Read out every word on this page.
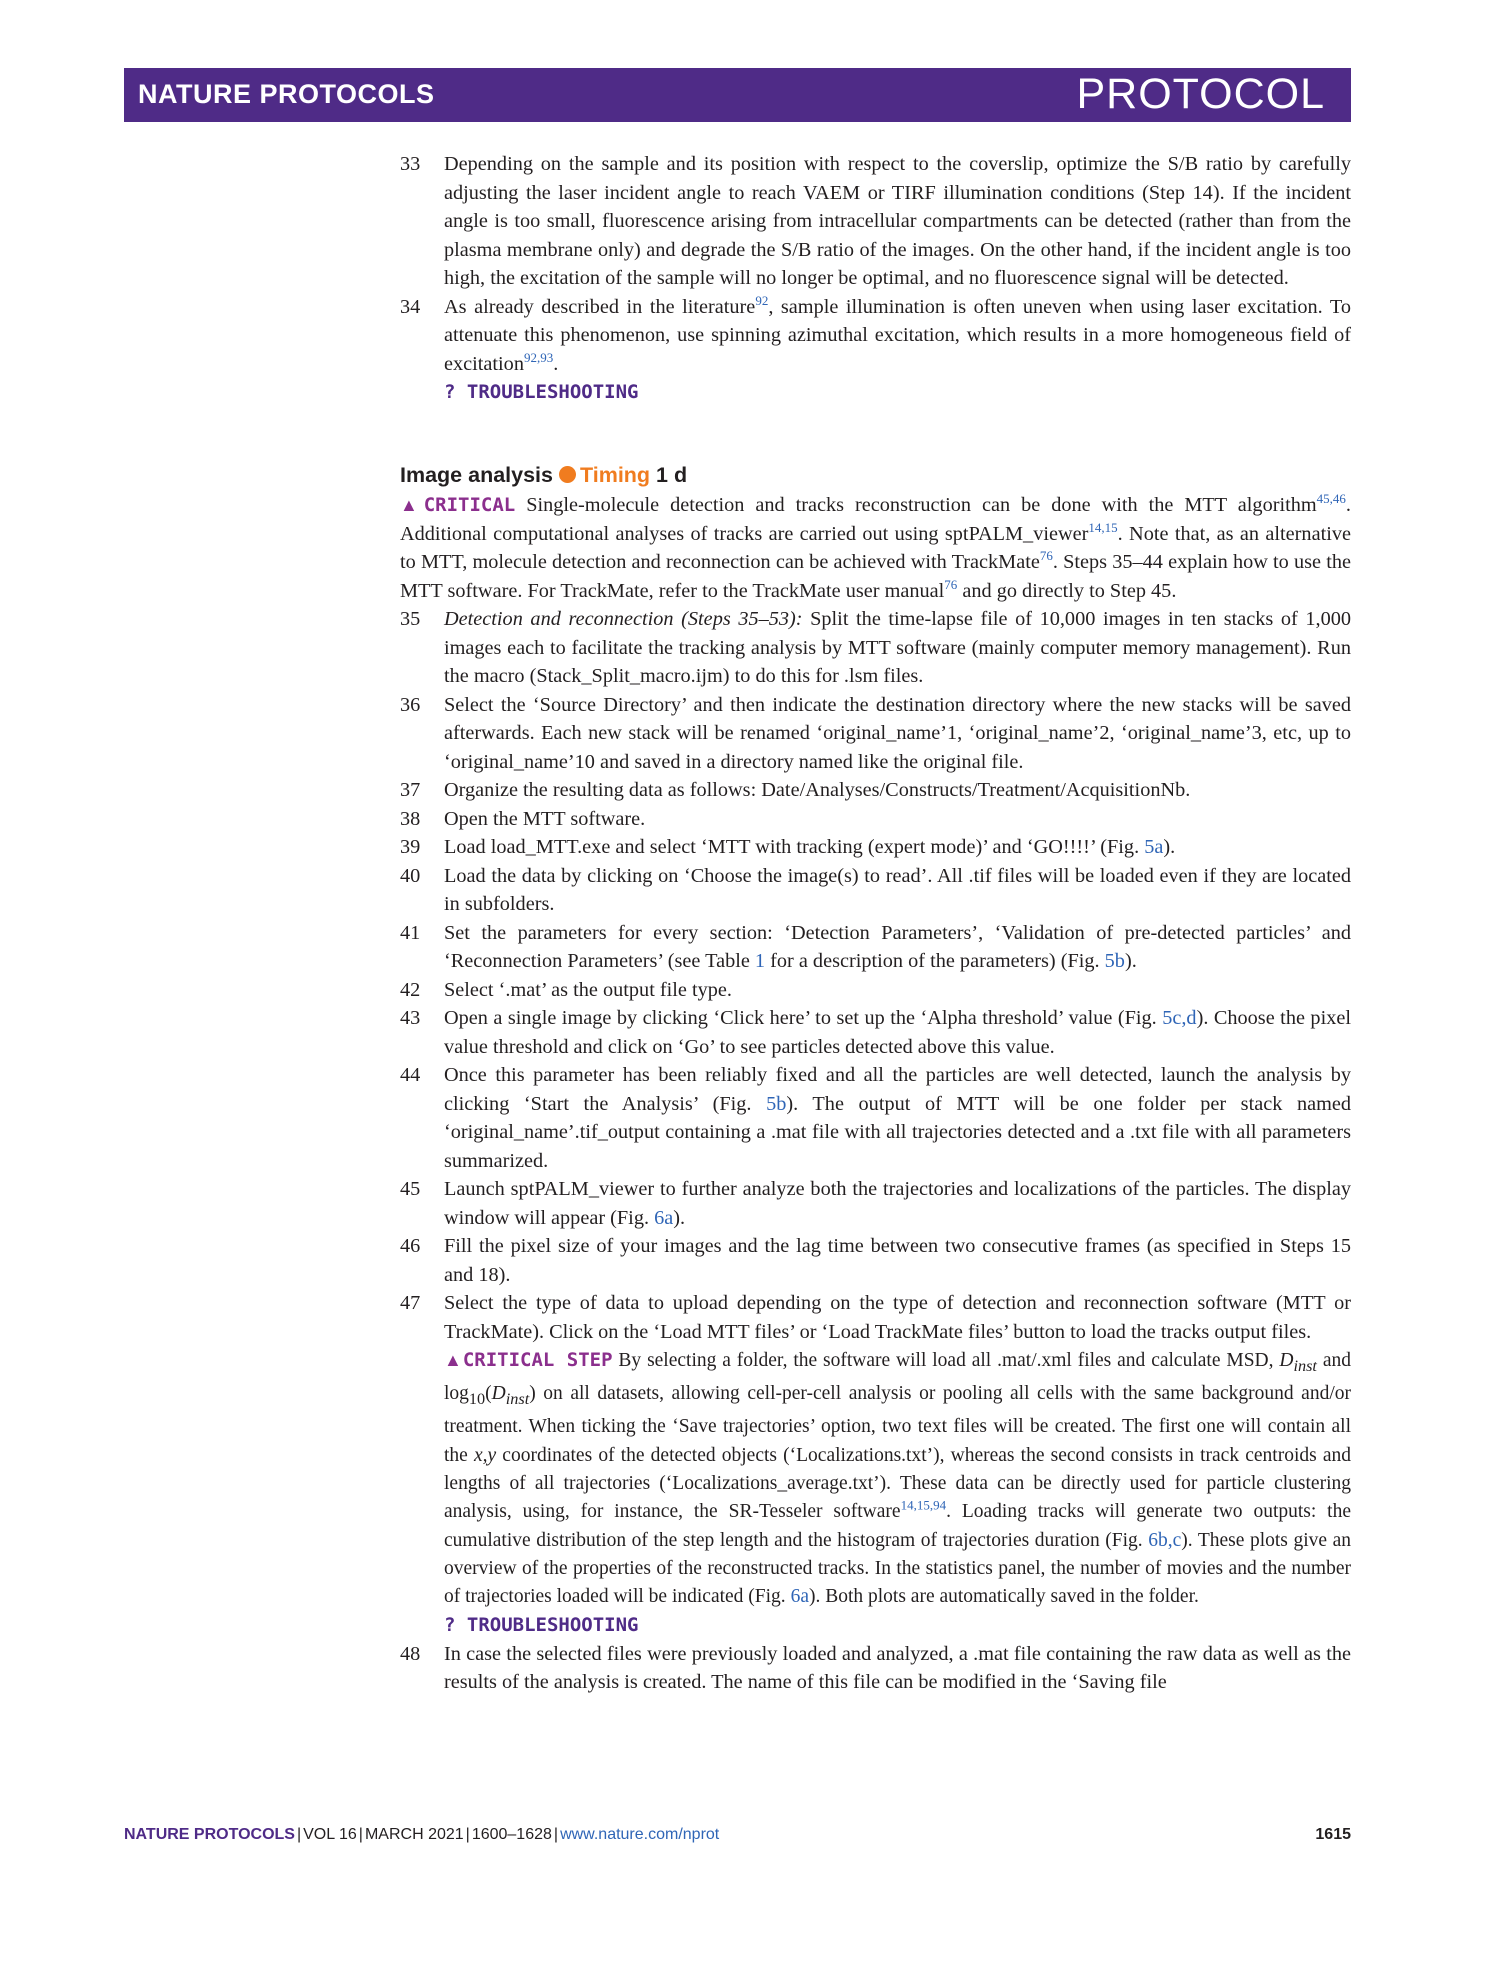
NATURE PROTOCOLS	PROTOCOL
33 Depending on the sample and its position with respect to the coverslip, optimize the S/B ratio by carefully adjusting the laser incident angle to reach VAEM or TIRF illumination conditions (Step 14). If the incident angle is too small, fluorescence arising from intracellular compartments can be detected (rather than from the plasma membrane only) and degrade the S/B ratio of the images. On the other hand, if the incident angle is too high, the excitation of the sample will no longer be optimal, and no fluorescence signal will be detected.
34 As already described in the literature$^{92}$, sample illumination is often uneven when using laser excitation. To attenuate this phenomenon, use spinning azimuthal excitation, which results in a more homogeneous field of excitation$^{92,93}$.
? TROUBLESHOOTING
Image analysis Timing 1 d
▲CRITICAL Single-molecule detection and tracks reconstruction can be done with the MTT algorithm$^{45,46}$. Additional computational analyses of tracks are carried out using sptPALM_viewer$^{14,15}$. Note that, as an alternative to MTT, molecule detection and reconnection can be achieved with TrackMate$^{76}$. Steps 35–44 explain how to use the MTT software. For TrackMate, refer to the TrackMate user manual$^{76}$ and go directly to Step 45.
35 Detection and reconnection (Steps 35–53): Split the time-lapse file of 10,000 images in ten stacks of 1,000 images each to facilitate the tracking analysis by MTT software (mainly computer memory management). Run the macro (Stack_Split_macro.ijm) to do this for .lsm files.
36 Select the ‘Source Directory’ and then indicate the destination directory where the new stacks will be saved afterwards. Each new stack will be renamed ‘original_name’1, ‘original_name’2, ‘original_name’3, etc, up to ‘original_name’10 and saved in a directory named like the original file.
37 Organize the resulting data as follows: Date/Analyses/Constructs/Treatment/AcquisitionNb.
38 Open the MTT software.
39 Load load_MTT.exe and select ‘MTT with tracking (expert mode)’ and ‘GO!!!!’ (Fig. 5a).
40 Load the data by clicking on ‘Choose the image(s) to read’. All .tif files will be loaded even if they are located in subfolders.
41 Set the parameters for every section: ‘Detection Parameters’, ‘Validation of pre-detected particles’ and ‘Reconnection Parameters’ (see Table 1 for a description of the parameters) (Fig. 5b).
42 Select ‘.mat’ as the output file type.
43 Open a single image by clicking ‘Click here’ to set up the ‘Alpha threshold’ value (Fig. 5c,d). Choose the pixel value threshold and click on ‘Go’ to see particles detected above this value.
44 Once this parameter has been reliably fixed and all the particles are well detected, launch the analysis by clicking ‘Start the Analysis’ (Fig. 5b). The output of MTT will be one folder per stack named ‘original_name’.tif_output containing a .mat file with all trajectories detected and a .txt file with all parameters summarized.
45 Launch sptPALM_viewer to further analyze both the trajectories and localizations of the particles. The display window will appear (Fig. 6a).
46 Fill the pixel size of your images and the lag time between two consecutive frames (as specified in Steps 15 and 18).
47 Select the type of data to upload depending on the type of detection and reconnection software (MTT or TrackMate). Click on the ‘Load MTT files’ or ‘Load TrackMate files’ button to load the tracks output files.
▲CRITICAL STEP By selecting a folder, the software will load all .mat/.xml files and calculate MSD, $D_{inst}$ and $\log_{10}(D_{inst})$ on all datasets, allowing cell-per-cell analysis or pooling all cells with the same background and/or treatment. When ticking the ‘Save trajectories’ option, two text files will be created. The first one will contain all the x,y coordinates of the detected objects (‘Localizations.txt’), whereas the second consists in track centroids and lengths of all trajectories (‘Localizations_average.txt’). These data can be directly used for particle clustering analysis, using, for instance, the SR-Tesseler software$^{14,15,94}$. Loading tracks will generate two outputs: the cumulative distribution of the step length and the histogram of trajectories duration (Fig. 6b,c). These plots give an overview of the properties of the reconstructed tracks. In the statistics panel, the number of movies and the number of trajectories loaded will be indicated (Fig. 6a). Both plots are automatically saved in the folder.
? TROUBLESHOOTING
48 In case the selected files were previously loaded and analyzed, a .mat file containing the raw data as well as the results of the analysis is created. The name of this file can be modified in the ‘Saving file
NATURE PROTOCOLS | VOL 16 | MARCH 2021 | 1600–1628 | www.nature.com/nprot	1615
